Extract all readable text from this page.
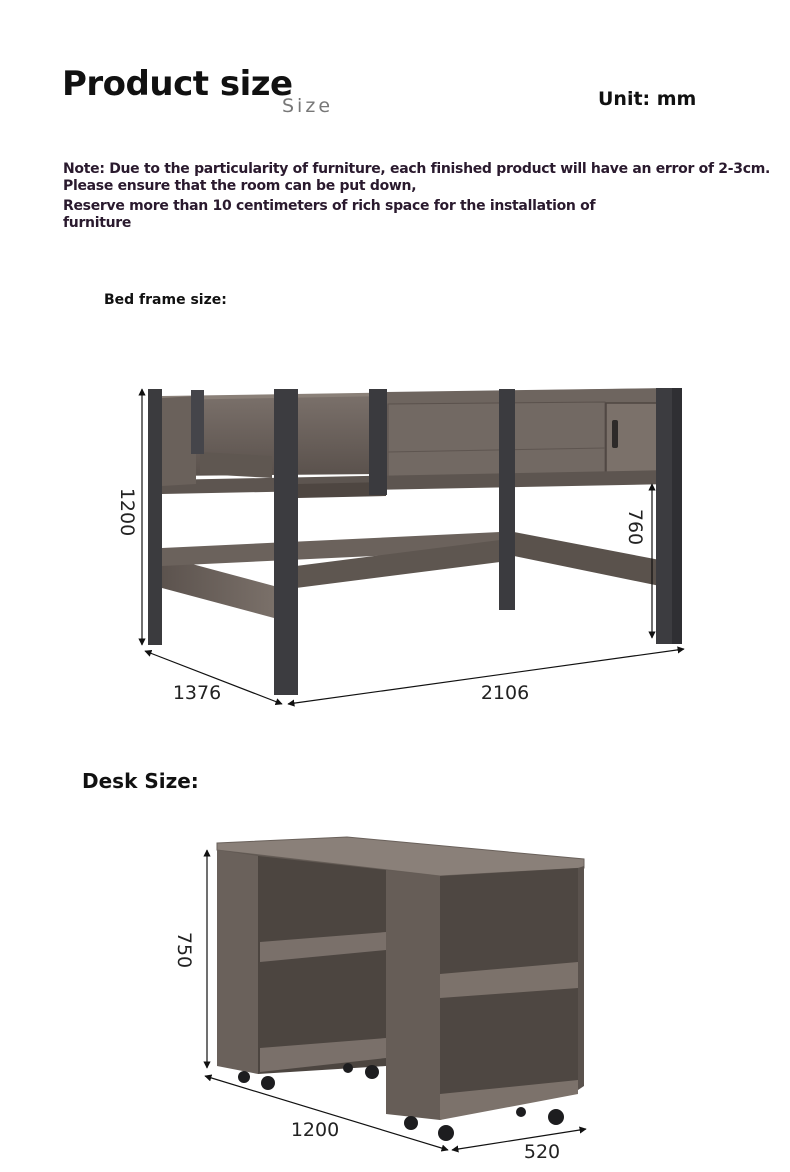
Product size
Size	Unit: mm
Note: Due to the particularity of furniture, each finished product will have an error of 2-3cm.
Please ensure that the room can be put down,
Reserve more than 10 centimeters of rich space for the installation of
furniture
Bed frame size:
Desk Size:
1200	760
1376	2106
750
1200
520
